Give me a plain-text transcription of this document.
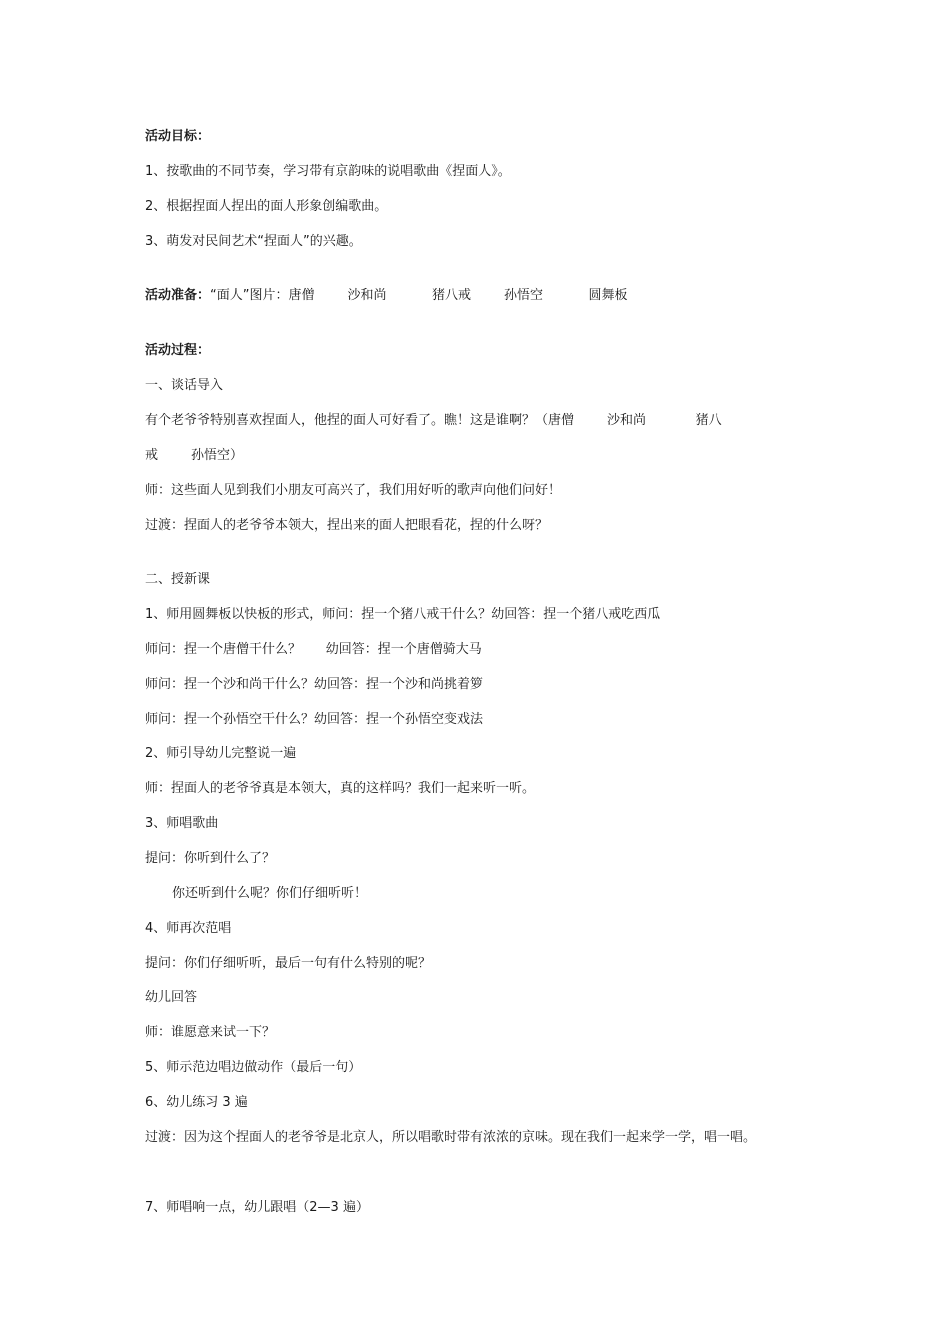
活动目标：
1、按歌曲的不同节奏，学习带有京韵味的说唱歌曲《捏面人》。
2、根据捏面人捏出的面人形象创编歌曲。
3、萌发对民间艺术“捏面人”的兴趣。
活动准备：“面人”图片：唐僧        沙和尚           猪八戒        孙悟空           圆舞板
活动过程：
一、谈话导入
有个老爷爷特别喜欢捏面人，他捏的面人可好看了。瞧！这是谁啊？（唐僧        沙和尚            猪八
戒        孙悟空）
师：这些面人见到我们小朋友可高兴了，我们用好听的歌声向他们问好！
过渡：捏面人的老爷爷本领大，捏出来的面人把眼看花，捏的什么呀？
二、授新课
1、师用圆舞板以快板的形式，师问：捏一个猪八戒干什么？幼回答：捏一个猪八戒吃西瓜
师问：捏一个唐僧干什么？      幼回答：捏一个唐僧骑大马
师问：捏一个沙和尚干什么？幼回答：捏一个沙和尚挑着箩
师问：捏一个孙悟空干什么？幼回答：捏一个孙悟空变戏法
2、师引导幼儿完整说一遍
师：捏面人的老爷爷真是本领大，真的这样吗？我们一起来听一听。
3、师唱歌曲
提问：你听到什么了？
你还听到什么呢？你们仔细听听！
4、师再次范唱
提问：你们仔细听听，最后一句有什么特别的呢？
幼儿回答
师：谁愿意来试一下？
5、师示范边唱边做动作（最后一句）
6、幼儿练习 3 遍
过渡：因为这个捏面人的老爷爷是北京人，所以唱歌时带有浓浓的京味。现在我们一起来学一学，唱一唱。
7、师唱响一点，幼儿跟唱（2—3 遍）
